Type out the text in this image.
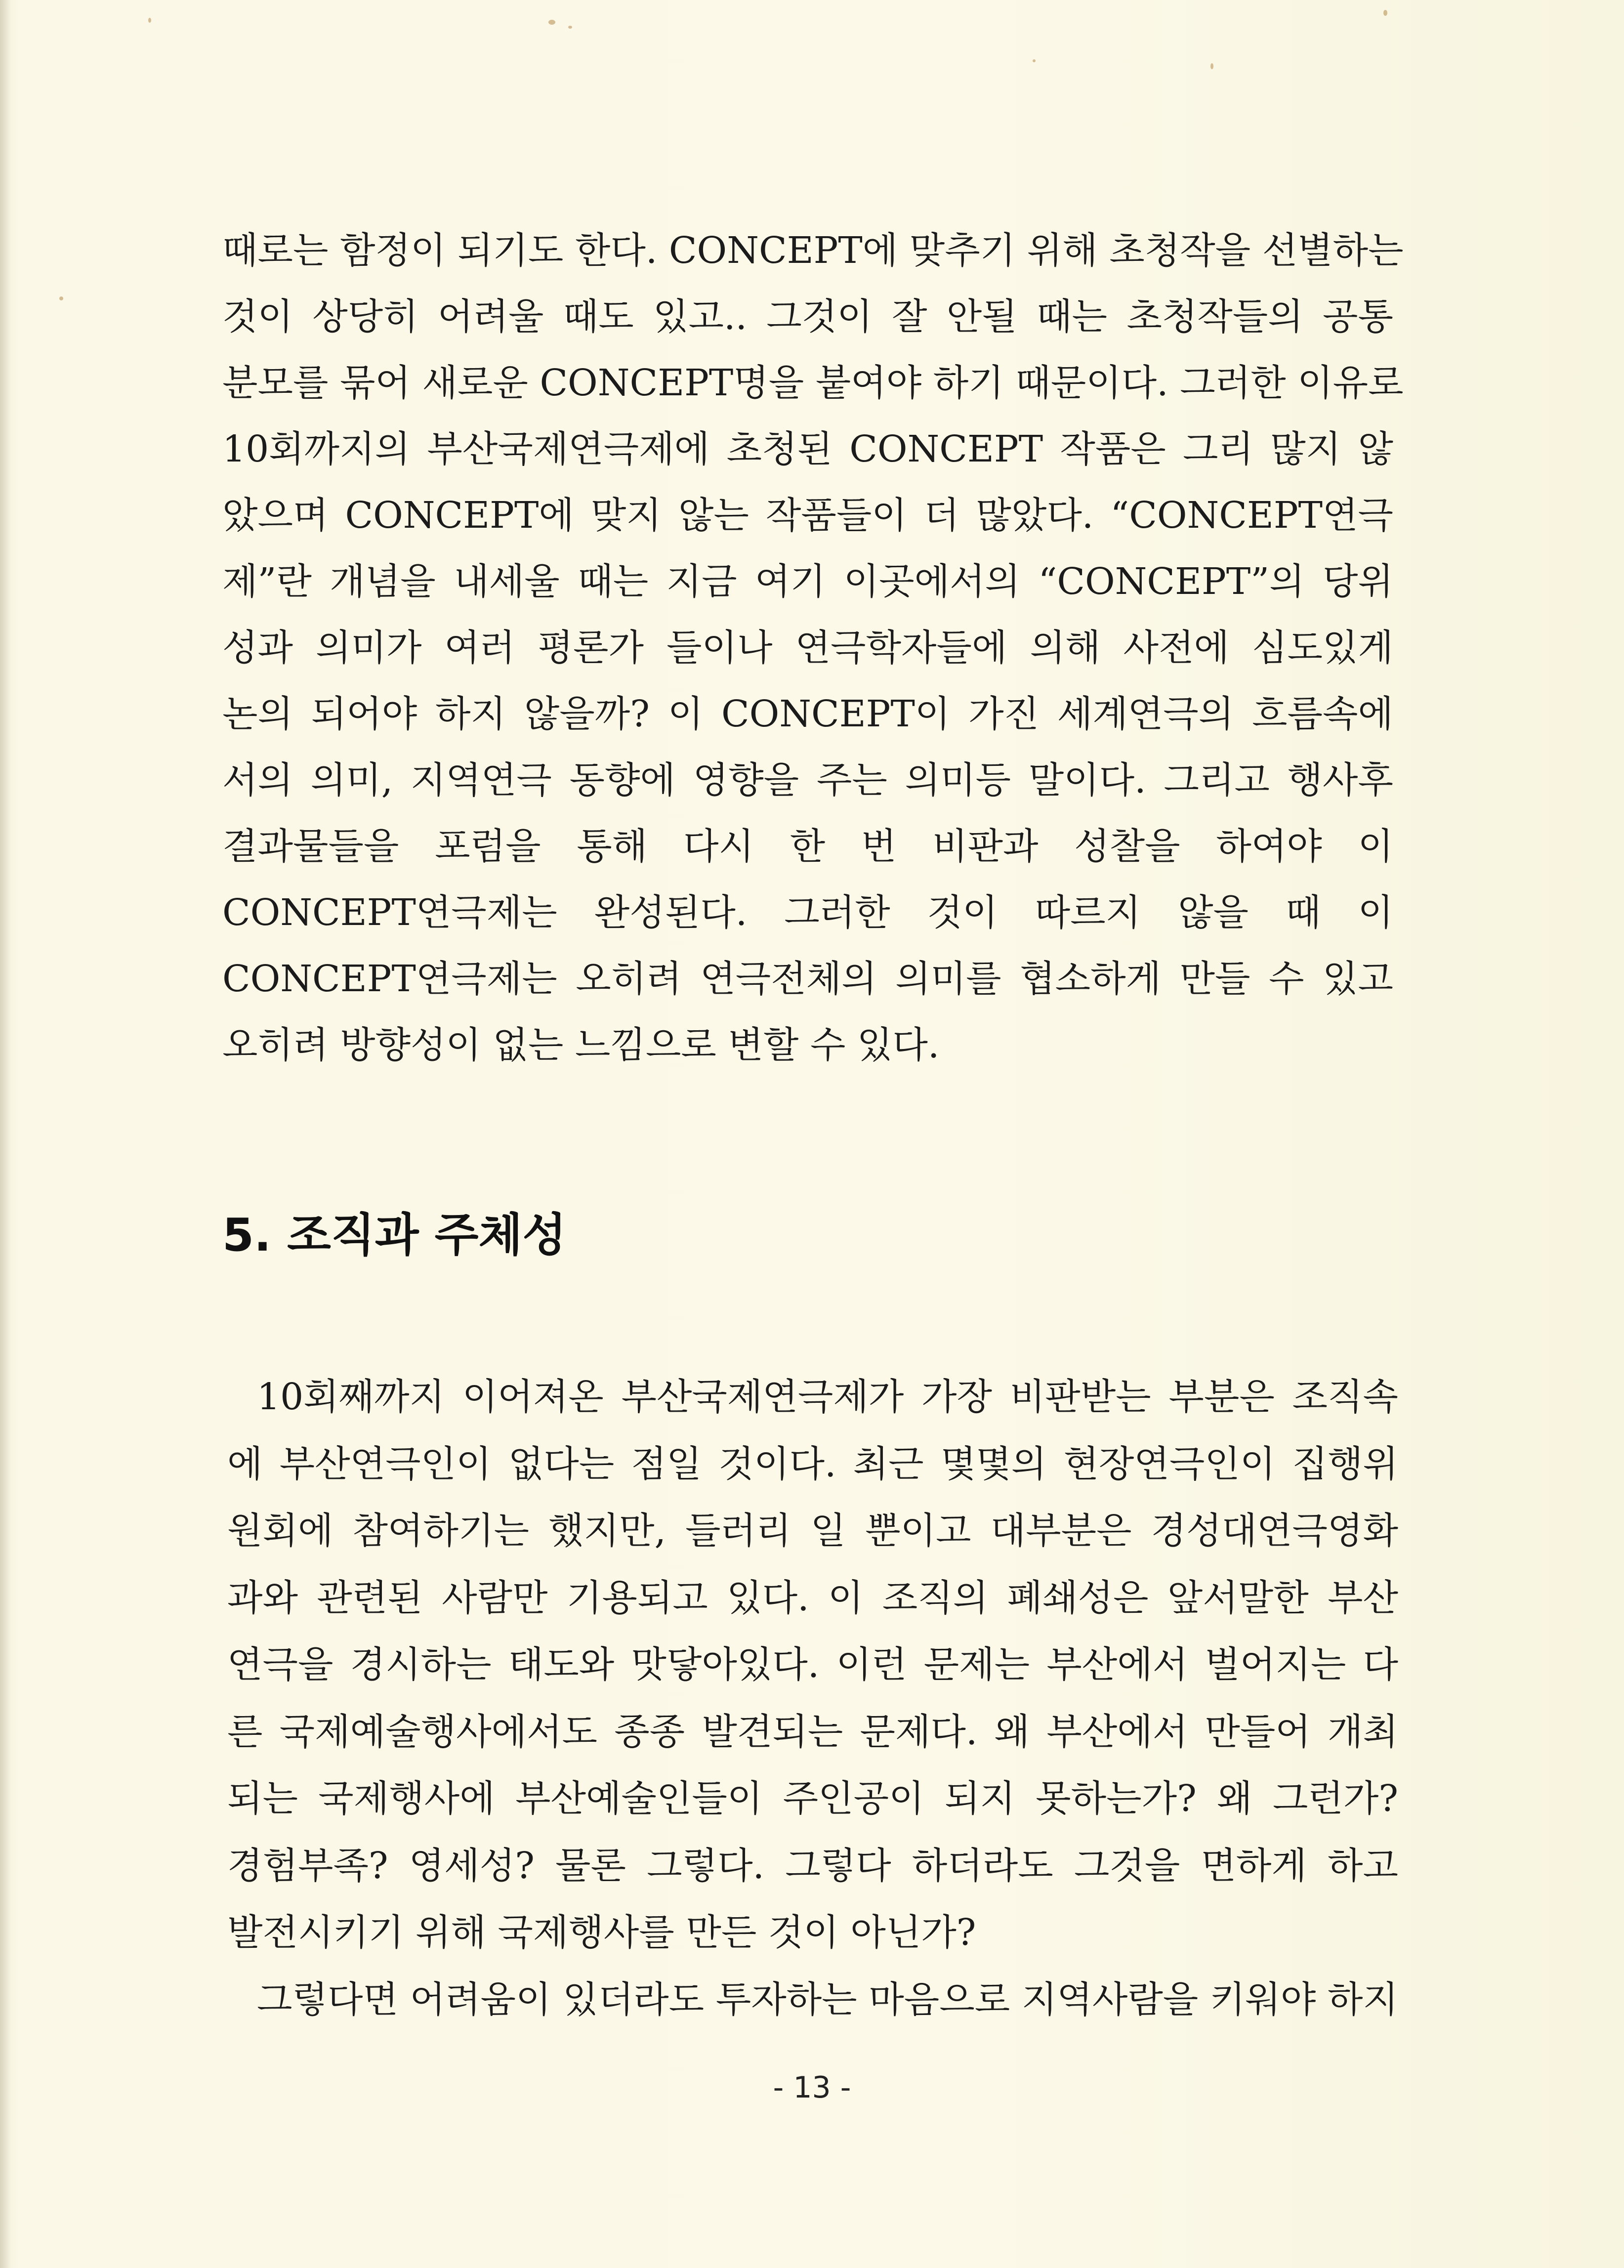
때로는 함정이 되기도 한다. CONCEPT에 맞추기 위해 초청작을 선별하는
것이 상당히 어려울 때도 있고.. 그것이 잘 안될 때는 초청작들의 공통
분모를 묶어 새로운 CONCEPT명을 붙여야 하기 때문이다. 그러한 이유로
10회까지의 부산국제연극제에 초청된 CONCEPT 작품은 그리 많지 않
았으며 CONCEPT에 맞지 않는 작품들이 더 많았다. “CONCEPT연극
제”란 개념을 내세울 때는 지금 여기 이곳에서의 “CONCEPT”의 당위
성과 의미가 여러 평론가 들이나 연극학자들에 의해 사전에 심도있게
논의 되어야 하지 않을까? 이 CONCEPT이 가진 세계연극의 흐름속에
서의 의미, 지역연극 동향에 영향을 주는 의미등 말이다. 그리고 행사후
결과물들을 포럼을 통해 다시 한 번 비판과 성찰을 하여야 이
CONCEPT연극제는 완성된다. 그러한 것이 따르지 않을 때 이
CONCEPT연극제는 오히려 연극전체의 의미를 협소하게 만들 수 있고
오히려 방향성이 없는 느낌으로 변할 수 있다.
5. 조직과 주체성
10회째까지 이어져온 부산국제연극제가 가장 비판받는 부분은 조직속
에 부산연극인이 없다는 점일 것이다. 최근 몇몇의 현장연극인이 집행위
원회에 참여하기는 했지만, 들러리 일 뿐이고 대부분은 경성대연극영화
과와 관련된 사람만 기용되고 있다. 이 조직의 폐쇄성은 앞서말한 부산
연극을 경시하는 태도와 맛닿아있다. 이런 문제는 부산에서 벌어지는 다
른 국제예술행사에서도 종종 발견되는 문제다. 왜 부산에서 만들어 개최
되는 국제행사에 부산예술인들이 주인공이 되지 못하는가? 왜 그런가?
경험부족? 영세성? 물론 그렇다. 그렇다 하더라도 그것을 면하게 하고
발전시키기 위해 국제행사를 만든 것이 아닌가?
그렇다면 어려움이 있더라도 투자하는 마음으로 지역사람을 키워야 하지
- 13 -
